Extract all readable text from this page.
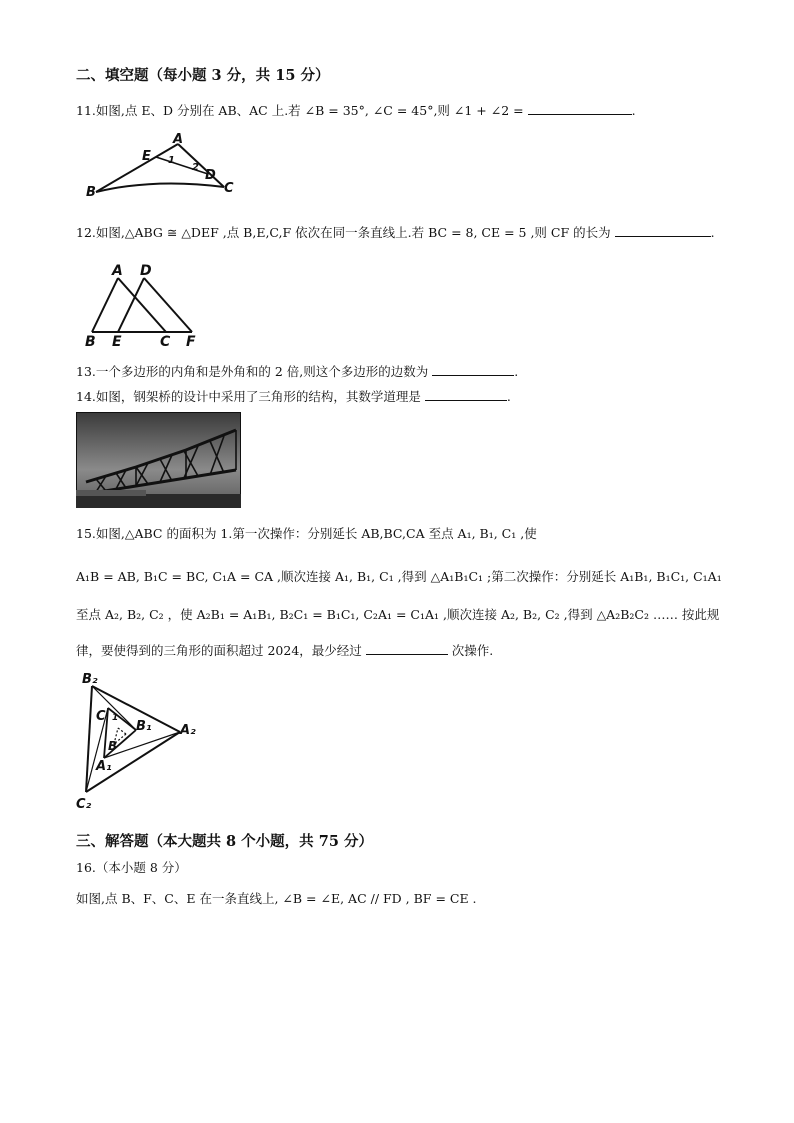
二、填空题（每小题 3 分，共 15 分）
11.如图,点 E、D 分别在 AB、AC 上.若 ∠B = 35°, ∠C = 45°,则 ∠1 + ∠2 =	.
A
E
D
B	C
1
2
12.如图,△ABG ≅ △DEF ,点 B,E,C,F 依次在同一条直线上.若 BC = 8, CE = 5 ,则 CF 的长为	.
A D
B E	C F
13.一个多边形的内角和是外角和的 2 倍,则这个多边形的边数为	.
14.如图，钢架桥的设计中采用了三角形的结构，其数学道理是	.
15.如图,△ABC 的面积为 1.第一次操作：分别延长 AB,BC,CA 至点 A₁, B₁, C₁ ,使
A₁B = AB, B₁C = BC, C₁A = CA ,顺次连接 A₁, B₁, C₁ ,得到 △A₁B₁C₁ ;第二次操作：分别延长 A₁B₁, B₁C₁, C₁A₁
至点 A₂, B₂, C₂ ，使 A₂B₁ = A₁B₁, B₂C₁ = B₁C₁, C₂A₁ = C₁A₁ ,顺次连接 A₂, B₂, C₂ ,得到 △A₂B₂C₂ …… 按此规
律，要使得到的三角形的面积超过 2024，最少经过	次操作.
B₂
C 1
B₁ A₂
B
A₁
C₂
三、解答题（本大题共 8 个小题，共 75 分）
16.（本小题 8 分）
如图,点 B、F、C、E 在一条直线上, ∠B = ∠E, AC // FD , BF = CE .
